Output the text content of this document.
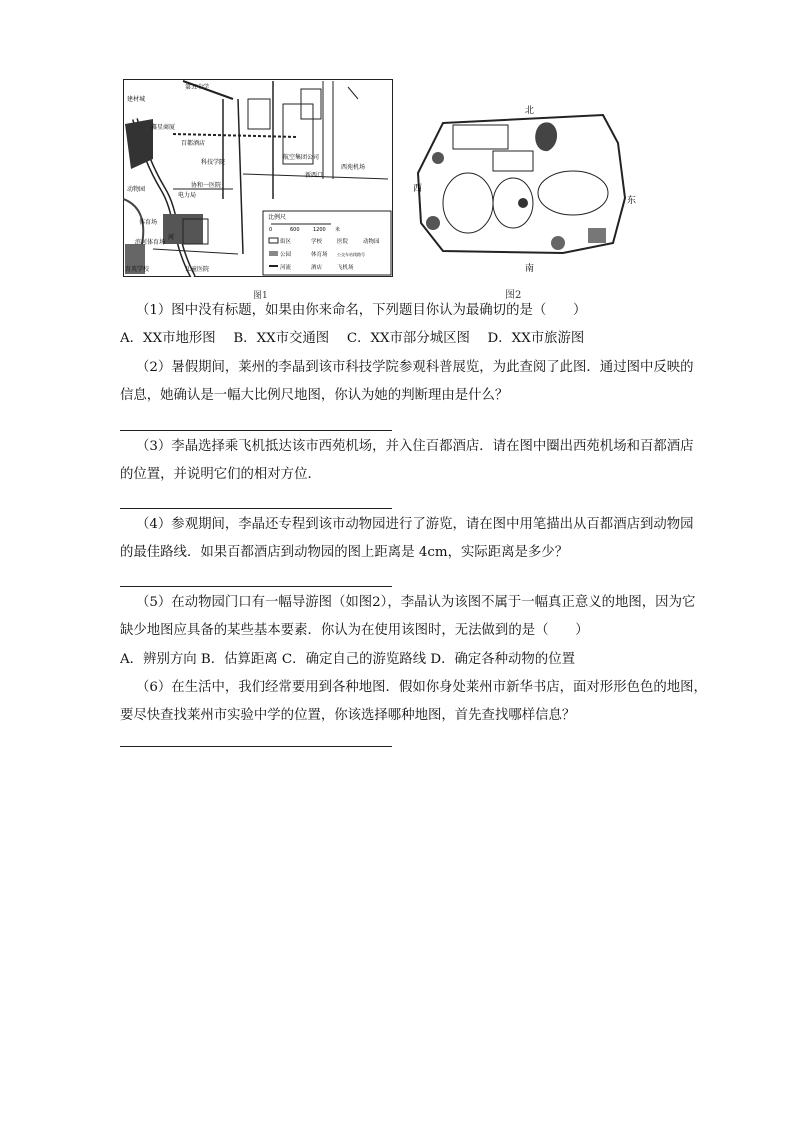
第五中学
建材城
鑫星商厦
百都酒店
科技学院
协和一医院
电力局
动物园
体育场
滨河体育场
育英学校	儿童医院
航空集团公司
西苑机场
新西口
河
比例尺
0	600	1200 米
街区	学校	医院	动物园
公园	体育场 公交车站线路号
河流	酒店	飞机场
图1
北
南
西
东
图2
（1）图中没有标题，如果由你来命名，下列题目你认为最确切的是（　　）
A．XX市地形图　 B．XX市交通图　 C．XX市部分城区图　 D．XX市旅游图
（2）暑假期间，莱州的李晶到该市科技学院参观科普展览，为此查阅了此图．通过图中反映的
信息，她确认是一幅大比例尺地图，你认为她的判断理由是什么？
（3）李晶选择乘飞机抵达该市西苑机场，并入住百都酒店．请在图中圈出西苑机场和百都酒店
的位置，并说明它们的相对方位．
（4）参观期间，李晶还专程到该市动物园进行了游览，请在图中用笔描出从百都酒店到动物园
的最佳路线．如果百都酒店到动物园的图上距离是 4cm，实际距离是多少？
（5）在动物园门口有一幅导游图（如图2），李晶认为该图不属于一幅真正意义的地图，因为它
缺少地图应具备的某些基本要素．你认为在使用该图时，无法做到的是（　　）
A．辨别方向 B．估算距离 C．确定自己的游览路线 D．确定各种动物的位置
（6）在生活中，我们经常要用到各种地图．假如你身处莱州市新华书店，面对形形色色的地图，
要尽快查找莱州市实验中学的位置，你该选择哪种地图，首先查找哪样信息？
